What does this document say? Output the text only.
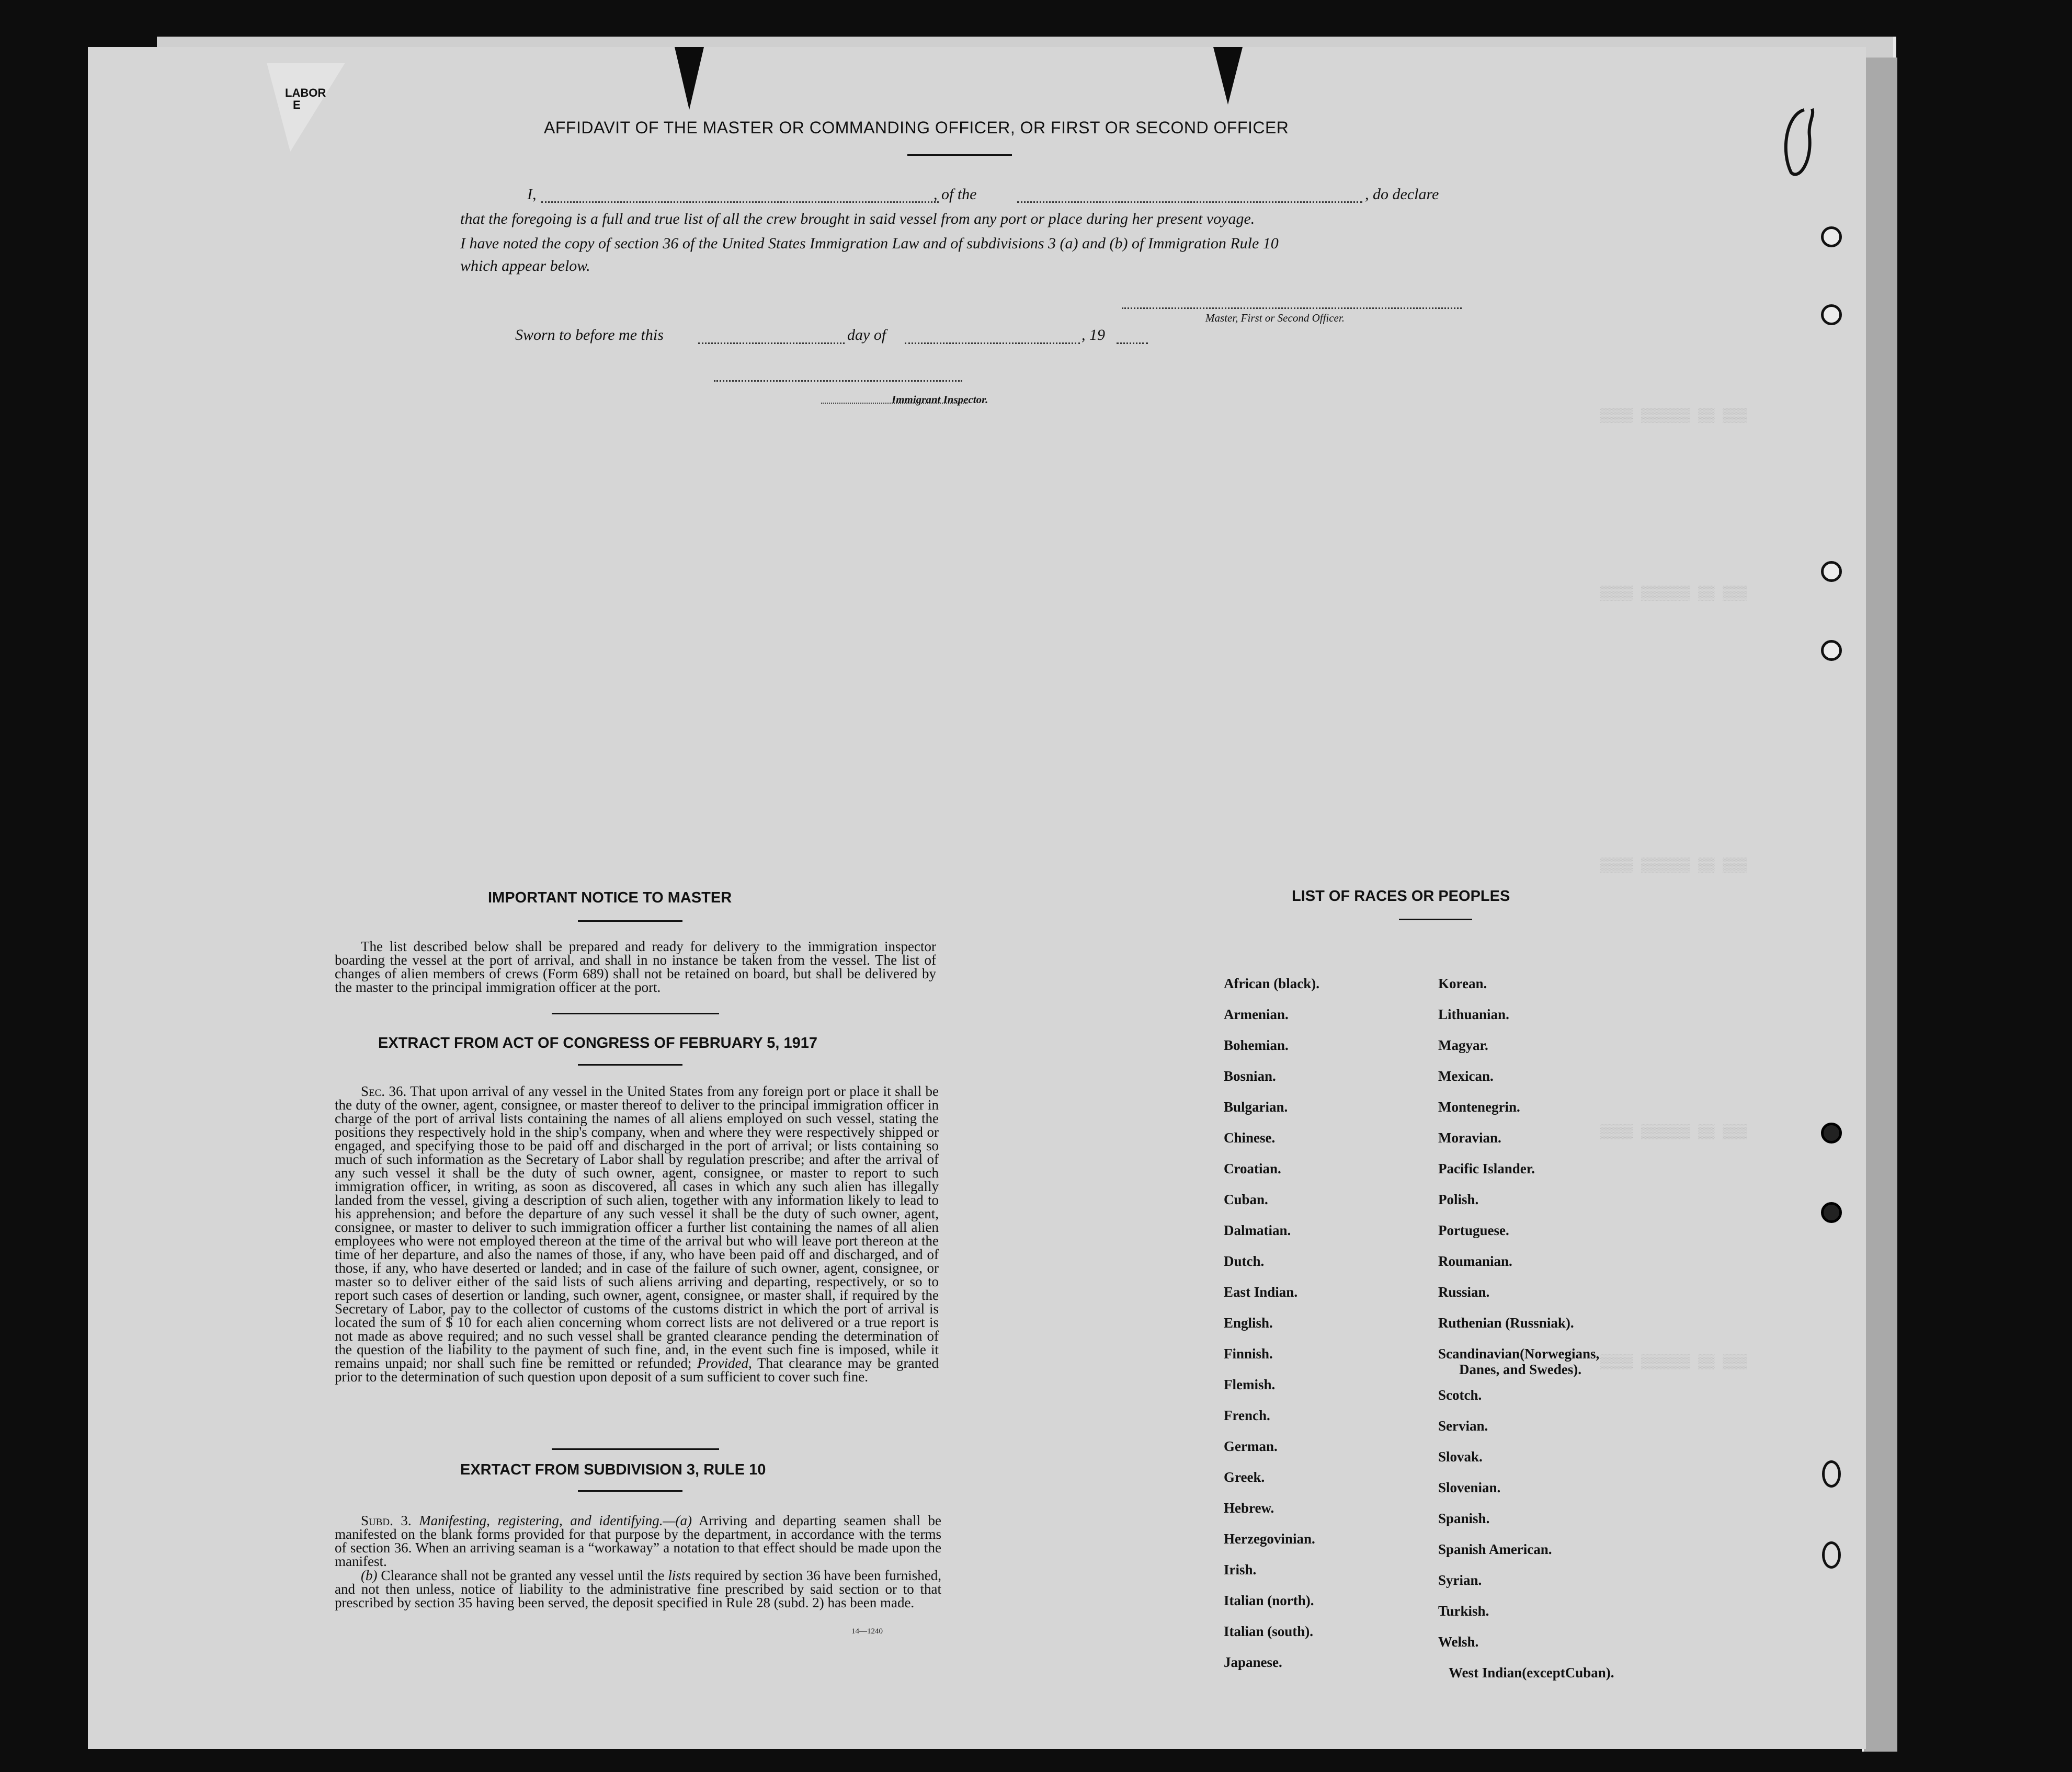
▒▒▒▒ ▒▒▒▒▒▒ ▒▒ ▒▒▒
▒▒▒▒ ▒▒▒▒▒▒ ▒▒ ▒▒▒
▒▒▒▒ ▒▒▒▒▒▒ ▒▒ ▒▒▒
▒▒▒▒ ▒▒▒▒▒▒ ▒▒ ▒▒▒
▒▒▒▒ ▒▒▒▒▒▒ ▒▒ ▒▒▒
LABOR
E
AFFIDAVIT OF THE MASTER OR COMMANDING OFFICER, OR FIRST OR SECOND OFFICER
I,	, of the	, do declare
that the foregoing is a full and true list of all the crew brought in said vessel from any port or place during her present voyage.
I have noted the copy of section 36 of the United States Immigration Law and of subdivisions 3 (a) and (b) of Immigration Rule 10
which appear below.
Master, First or Second Officer.
Sworn to before me this	day of	, 19
Immigrant Inspector.
IMPORTANT NOTICE TO MASTER
The list described below shall be prepared and ready for delivery to the immigration inspector boarding the vessel at the port of arrival, and shall in no instance be taken from the vessel. The list of changes of alien members of crews (Form 689) shall not be retained on board, but shall be delivered by the master to the principal immigration officer at the port.
EXTRACT FROM ACT OF CONGRESS OF FEBRUARY 5, 1917
Sec. 36. That upon arrival of any vessel in the United States from any foreign port or place it shall be the duty of the owner, agent, consignee, or master thereof to deliver to the principal immigration officer in charge of the port of arrival lists containing the names of all aliens employed on such vessel, stating the positions they respectively hold in the ship's company, when and where they were respectively shipped or engaged, and specifying those to be paid off and discharged in the port of arrival; or lists containing so much of such information as the Secretary of Labor shall by regulation prescribe; and after the arrival of any such vessel it shall be the duty of such owner, agent, consignee, or master to report to such immigration officer, in writing, as soon as discovered, all cases in which any such alien has illegally landed from the vessel, giving a description of such alien, together with any information likely to lead to his apprehension; and before the departure of any such vessel it shall be the duty of such owner, agent, consignee, or master to deliver to such immigration officer a further list containing the names of all alien employees who were not employed thereon at the time of the arrival but who will leave port thereon at the time of her departure, and also the names of those, if any, who have been paid off and discharged, and of those, if any, who have deserted or landed; and in case of the failure of such owner, agent, consignee, or master so to deliver either of the said lists of such aliens arriving and departing, respectively, or so to report such cases of desertion or landing, such owner, agent, consignee, or master shall, if required by the Secretary of Labor, pay to the collector of customs of the customs district in which the port of arrival is located the sum of $ 10 for each alien concerning whom correct lists are not delivered or a true report is not made as above required; and no such vessel shall be granted clearance pending the determination of the question of the liability to the payment of such fine, and, in the event such fine is imposed, while it remains unpaid; nor shall such fine be remitted or refunded; Provided, That clearance may be granted prior to the determination of such question upon deposit of a sum sufficient to cover such fine.
EXRTACT FROM SUBDIVISION 3, RULE 10
Subd. 3. Manifesting, registering, and identifying.—(a) Arriving and departing seamen shall be manifested on the blank forms provided for that purpose by the department, in accordance with the terms of section 36. When an arriving seaman is a “workaway” a notation to that effect should be made upon the manifest.
(b) Clearance shall not be granted any vessel until the lists required by section 36 have been furnished, and not then unless, notice of liability to the administrative fine prescribed by said section or to that prescribed by section 35 having been served, the deposit specified in Rule 28 (subd. 2) has been made.
14—1240
LIST OF RACES OR PEOPLES
African (black).
Armenian.
Bohemian.
Bosnian.
Bulgarian.
Chinese.
Croatian.
Cuban.
Dalmatian.
Dutch.
East Indian.
English.
Finnish.
Flemish.
French.
German.
Greek.
Hebrew.
Herzegovinian.
Irish.
Italian (north).
Italian (south).
Japanese.
Korean.
Lithuanian.
Magyar.
Mexican.
Montenegrin.
Moravian.
Pacific Islander.
Polish.
Portuguese.
Roumanian.
Russian.
Ruthenian (Russniak).
Scandinavian(Norwegians,
Danes, and Swedes).
Scotch.
Servian.
Slovak.
Slovenian.
Spanish.
Spanish American.
Syrian.
Turkish.
Welsh.
West Indian(exceptCuban).
